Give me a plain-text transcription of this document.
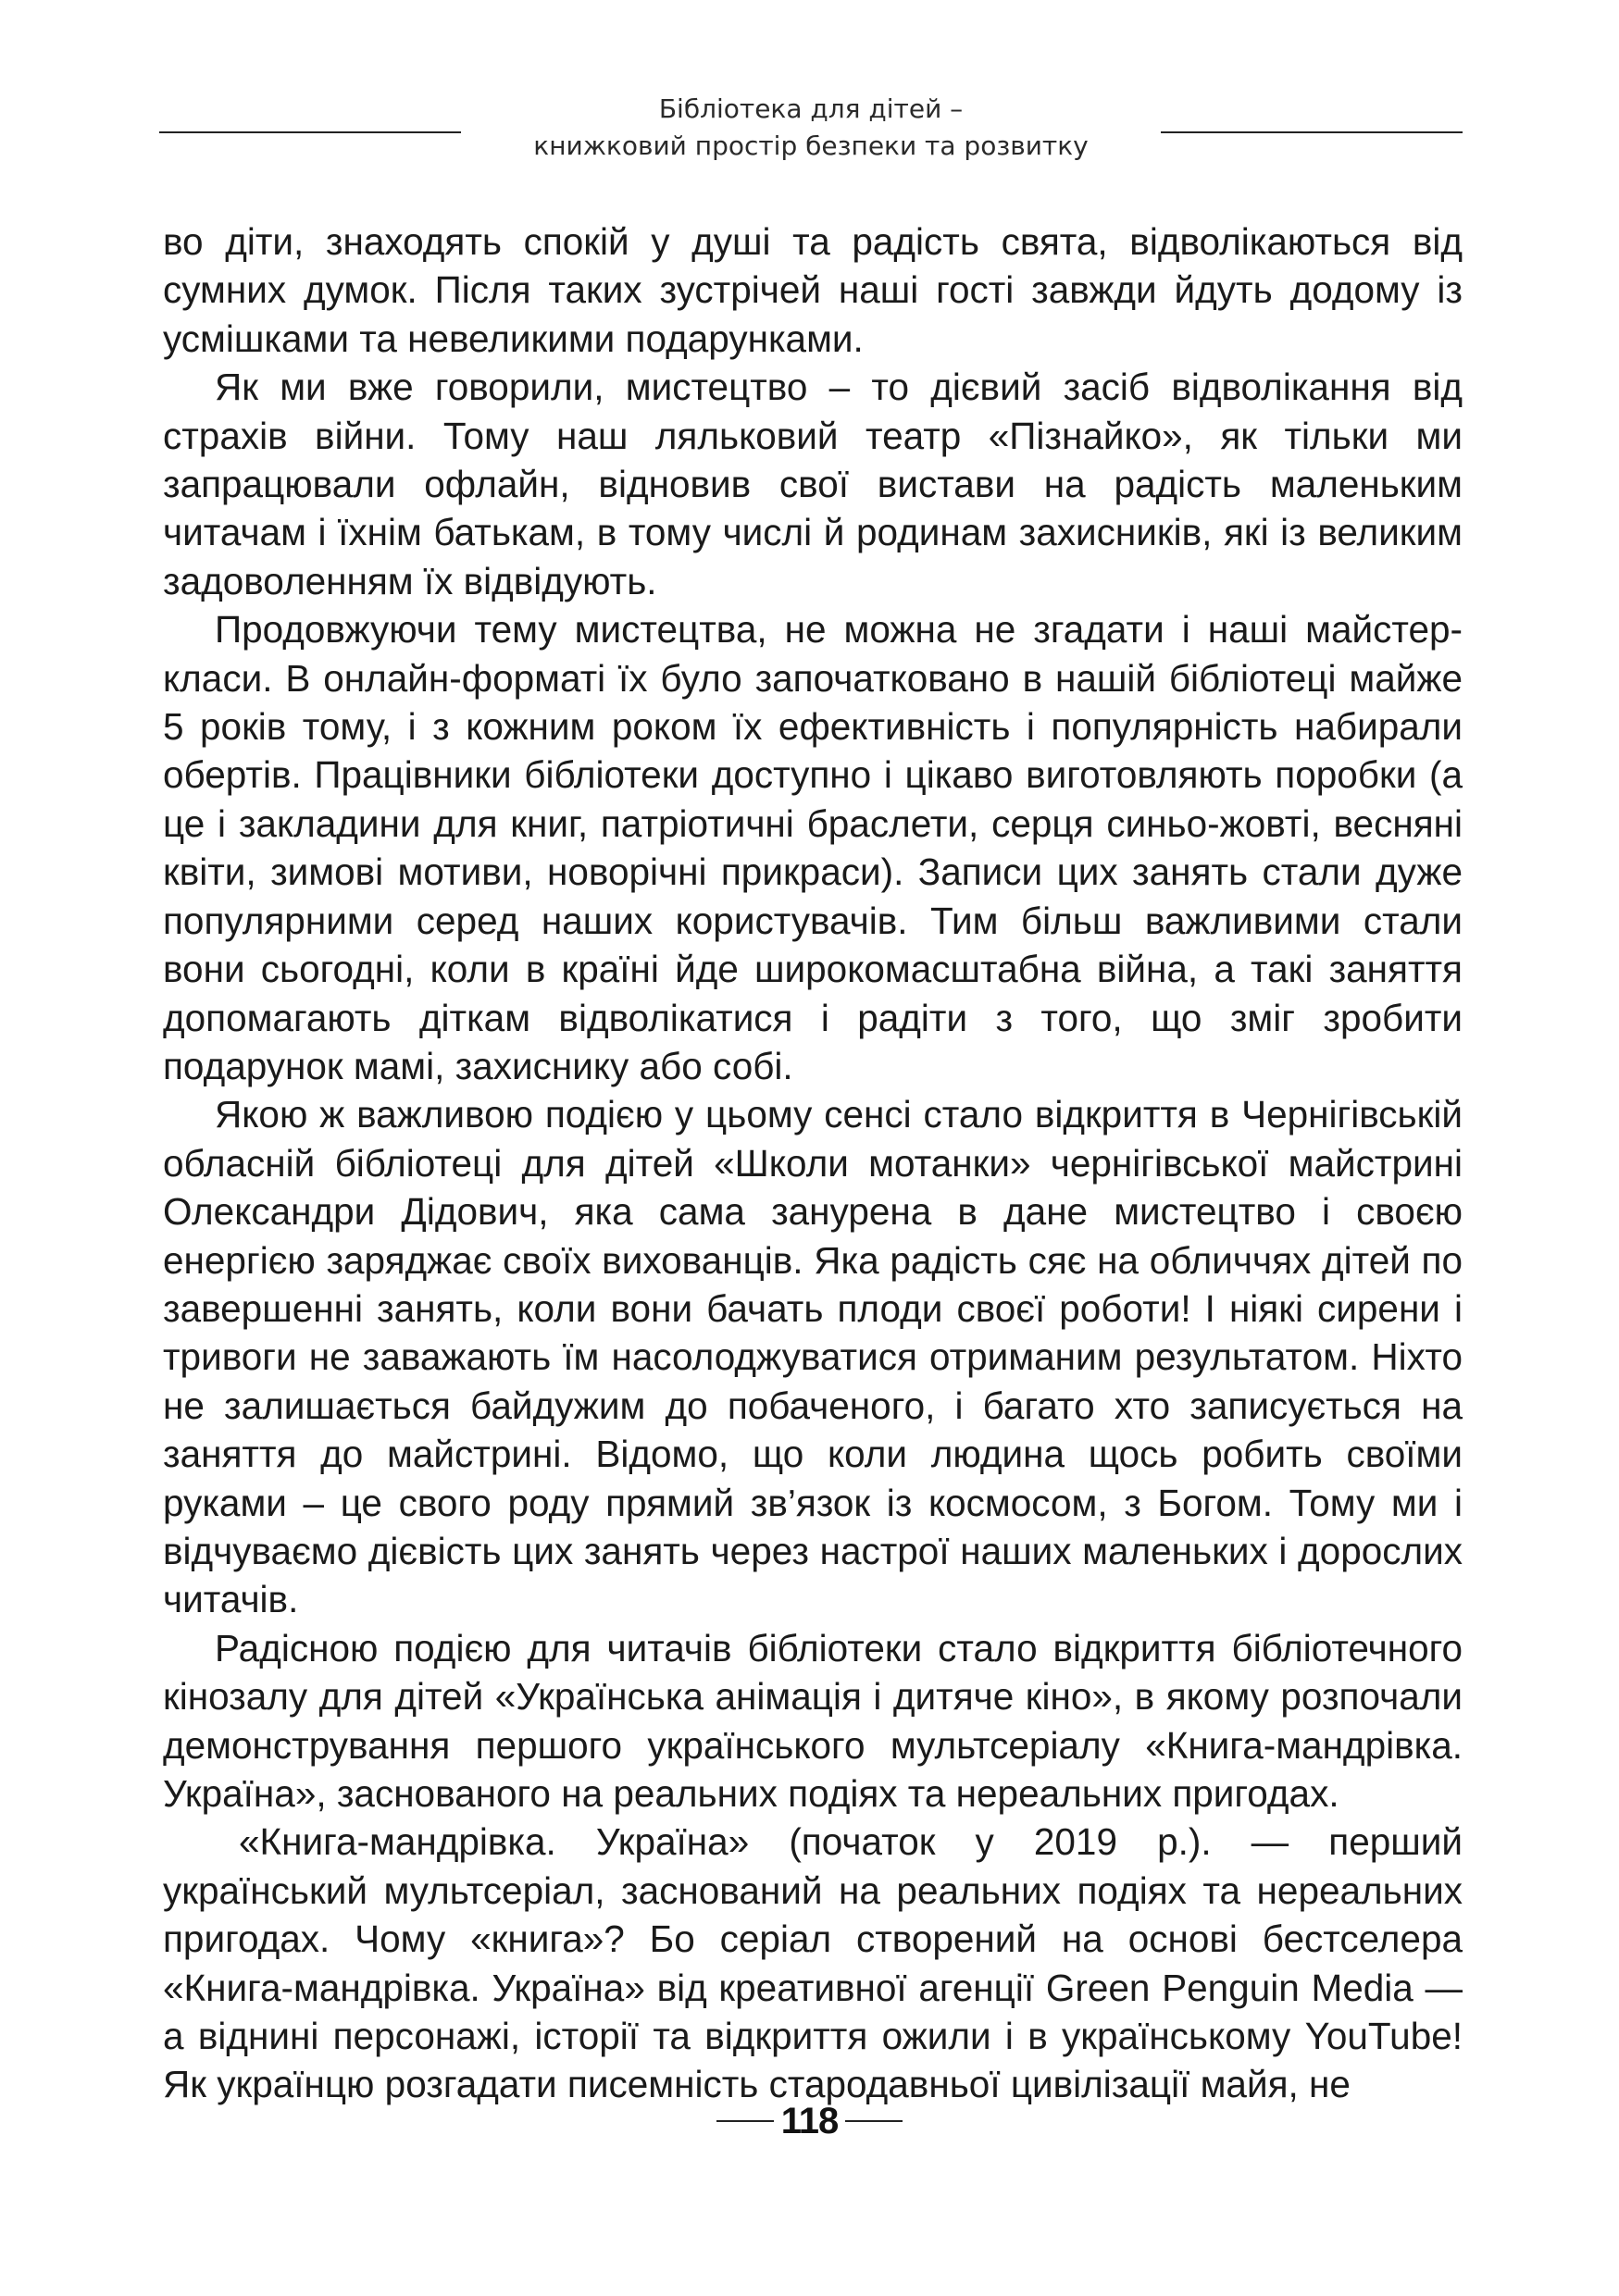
Бібліотека для дітей –
книжковий простір безпеки та розвитку

во діти, знаходять спокій у душі та радість свята, відволікаються від сумних думок. Після таких зустрічей наші гості завжди йдуть додому із усмішками та невеликими подарунками.

Як ми вже говорили, мистецтво – то дієвий засіб відволікання від страхів війни. Тому наш ляльковий театр «Пізнайко», як тільки ми запрацювали офлайн, відновив свої вистави на радість маленьким читачам і їхнім батькам, в тому числі й родинам захисників, які із великим задоволенням їх відвідують.

Продовжуючи тему мистецтва, не можна не згадати і наші майстер-класи. В онлайн-форматі їх було започатковано в нашій бібліотеці майже 5 років тому, і з кожним роком їх ефективність і популярність набирали обертів. Працівники бібліотеки доступно і цікаво виготовляють поробки (а це і закладини для книг, патріотичні браслети, серця синьо-жовті, весняні квіти, зимові мотиви, новорічні прикраси). Записи цих занять стали дуже популярними серед наших користувачів. Тим більш важливими стали вони сьогодні, коли в країні йде широкомасштабна війна, а такі заняття допомагають діткам відволікатися і радіти з того, що зміг зробити подарунок мамі, захиснику або собі.

Якою ж важливою подією у цьому сенсі стало відкриття в Чернігівській обласній бібліотеці для дітей «Школи мотанки» чернігівської майстрині Олександри Дідович, яка сама занурена в дане мистецтво і своєю енергією заряджає своїх вихованців. Яка радість сяє на обличчях дітей по завершенні занять, коли вони бачать плоди своєї роботи! І ніякі сирени і тривоги не заважають їм насолоджуватися отриманим результатом. Ніхто не залишається байдужим до побаченого, і багато хто записується на заняття до майстрині. Відомо, що коли людина щось робить своїми руками – це свого роду прямий зв’язок із космосом, з Богом. Тому ми і відчуваємо дієвість цих занять через настрої наших маленьких і дорослих читачів.

Радісною подією для читачів бібліотеки стало відкриття бібліотечного кінозалу для дітей «Українська анімація і дитяче кіно», в якому розпочали демонстрування першого українського мультсеріалу «Книга-мандрівка. Україна», заснованого на реальних подіях та нереальних пригодах.

«Книга-мандрівка. Україна» (початок у 2019 р.). — перший український мультсеріал, заснований на реальних подіях та нереальних пригодах. Чому «книга»? Бо серіал створений на основі бестселера «Книга-мандрівка. Україна» від креативної агенції Green Penguin Media — а віднині персонажі, історії та відкриття ожили і в українському YouTube! Як українцю розгадати писемність стародавньої цивілізації майя, не

118
